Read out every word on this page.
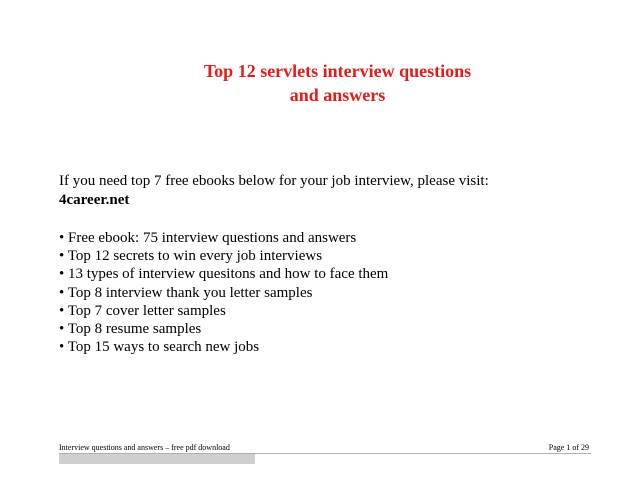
Top 12 servlets interview questions
and answers
If you need top 7 free ebooks below for your job interview, please visit:
4career.net
• Free ebook: 75 interview questions and answers
• Top 12 secrets to win every job interviews
• 13 types of interview quesitons and how to face them
• Top 8 interview thank you letter samples
• Top 7 cover letter samples
• Top 8 resume samples
• Top 15 ways to search new jobs
Interview questions and answers – free pdf download	Page 1 of 29
